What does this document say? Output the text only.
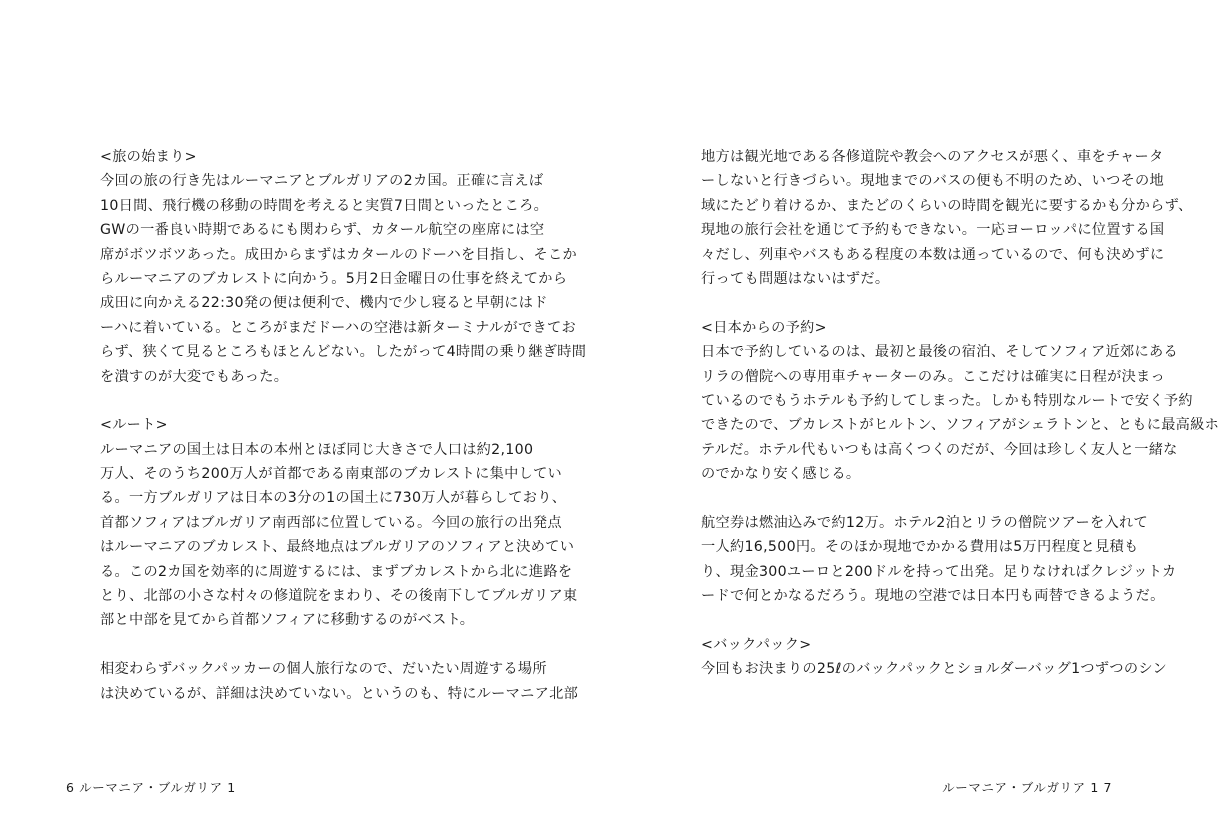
<旅の始まり>
今回の旅の行き先はルーマニアとブルガリアの2カ国。正確に言えば
10日間、飛行機の移動の時間を考えると実質7日間といったところ。
GWの一番良い時期であるにも関わらず、カタール航空の座席には空
席がボツボツあった。成田からまずはカタールのドーハを目指し、そこか
らルーマニアのブカレストに向かう。5月2日金曜日の仕事を終えてから
成田に向かえる22:30発の便は便利で、機内で少し寝ると早朝にはド
ーハに着いている。ところがまだドーハの空港は新ターミナルができてお
らず、狭くて見るところもほとんどない。したがって4時間の乗り継ぎ時間
を潰すのが大変でもあった。
<ルート>
ルーマニアの国土は日本の本州とほぼ同じ大きさで人口は約2,100
万人、そのうち200万人が首都である南東部のブカレストに集中してい
る。一方ブルガリアは日本の3分の1の国土に730万人が暮らしており、
首都ソフィアはブルガリア南西部に位置している。今回の旅行の出発点
はルーマニアのブカレスト、最終地点はブルガリアのソフィアと決めてい
る。この2カ国を効率的に周遊するには、まずブカレストから北に進路を
とり、北部の小さな村々の修道院をまわり、その後南下してブルガリア東
部と中部を見てから首都ソフィアに移動するのがベスト。
相変わらずバックパッカーの個人旅行なので、だいたい周遊する場所
は決めているが、詳細は決めていない。というのも、特にルーマニア北部
6 ルーマニア・ブルガリア 1
地方は観光地である各修道院や教会へのアクセスが悪く、車をチャータ
ーしないと行きづらい。現地までのバスの便も不明のため、いつその地
域にたどり着けるか、またどのくらいの時間を観光に要するかも分からず、
現地の旅行会社を通じて予約もできない。一応ヨーロッパに位置する国
々だし、列車やバスもある程度の本数は通っているので、何も決めずに
行っても問題はないはずだ。
<日本からの予約>
日本で予約しているのは、最初と最後の宿泊、そしてソフィア近郊にある
リラの僧院への専用車チャーターのみ。ここだけは確実に日程が決まっ
ているのでもうホテルも予約してしまった。しかも特別なルートで安く予約
できたので、ブカレストがヒルトン、ソフィアがシェラトンと、ともに最高級ホ
テルだ。ホテル代もいつもは高くつくのだが、今回は珍しく友人と一緒な
のでかなり安く感じる。
航空券は燃油込みで約12万。ホテル2泊とリラの僧院ツアーを入れて
一人約16,500円。そのほか現地でかかる費用は5万円程度と見積も
り、現金300ユーロと200ドルを持って出発。足りなければクレジットカ
ードで何とかなるだろう。現地の空港では日本円も両替できるようだ。
<バックパック>
今回もお決まりの25ℓのバックパックとショルダーバッグ1つずつのシン
ルーマニア・ブルガリア 1 7
